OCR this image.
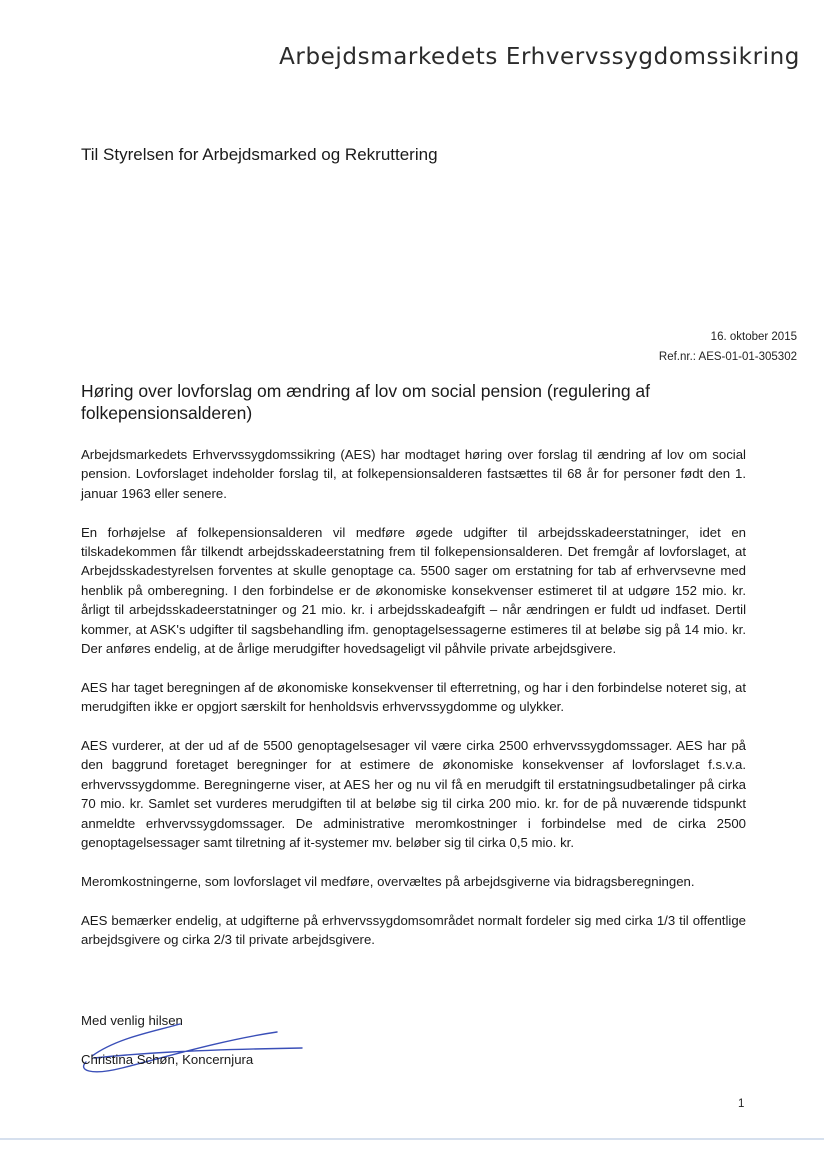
Arbejdsmarkedets Erhvervssygdomssikring
Til Styrelsen for Arbejdsmarked og Rekruttering
16. oktober 2015
Ref.nr.: AES-01-01-305302
Høring over lovforslag om ændring af lov om social pension (regulering af folkepensionsalderen)

Arbejdsmarkedets Erhvervssygdomssikring (AES) har modtaget høring over forslag til ændring af lov om social pension. Lovforslaget indeholder forslag til, at folkepensionsalderen fastsættes til 68 år for personer født den 1. januar 1963 eller senere.

En forhøjelse af folkepensionsalderen vil medføre øgede udgifter til arbejdsskadeerstatninger, idet en tilskadekommen får tilkendt arbejdsskadeerstatning frem til folkepensionsalderen. Det fremgår af lovforslaget, at Arbejdsskadestyrelsen forventes at skulle genoptage ca. 5500 sager om erstatning for tab af erhvervsevne med henblik på omberegning. I den forbindelse er de økonomiske konsekvenser estimeret til at udgøre 152 mio. kr. årligt til arbejdsskadeerstatninger og 21 mio. kr. i arbejdsskadeafgift – når ændringen er fuldt ud indfaset. Dertil kommer, at ASK's udgifter til sagsbehandling ifm. genoptagelsessagerne estimeres til at beløbe sig på 14 mio. kr. Der anføres endelig, at de årlige merudgifter hovedsageligt vil påhvile private arbejdsgivere.

AES har taget beregningen af de økonomiske konsekvenser til efterretning, og har i den forbindelse noteret sig, at merudgiften ikke er opgjort særskilt for henholdsvis erhvervssygdomme og ulykker.

AES vurderer, at der ud af de 5500 genoptagelsesager vil være cirka 2500 erhvervssygdomssager. AES har på den baggrund foretaget beregninger for at estimere de økonomiske konsekvenser af lovforslaget f.s.v.a. erhvervssygdomme. Beregningerne viser, at AES her og nu vil få en merudgift til erstatningsudbetalinger på cirka 70 mio. kr. Samlet set vurderes merudgiften til at beløbe sig til cirka 200 mio. kr. for de på nuværende tidspunkt anmeldte erhvervssygdomssager. De administrative meromkostninger i forbindelse med de cirka 2500 genoptagelsessager samt tilretning af it-systemer mv. beløber sig til cirka 0,5 mio. kr.

Meromkostningerne, som lovforslaget vil medføre, overvæltes på arbejdsgiverne via bidragsberegningen.

AES bemærker endelig, at udgifterne på erhvervssygdomsområdet normalt fordeler sig med cirka 1/3 til offentlige arbejdsgivere og cirka 2/3 til private arbejdsgivere.

Med venlig hilsen
Christina Schøn, Koncernjura
1
